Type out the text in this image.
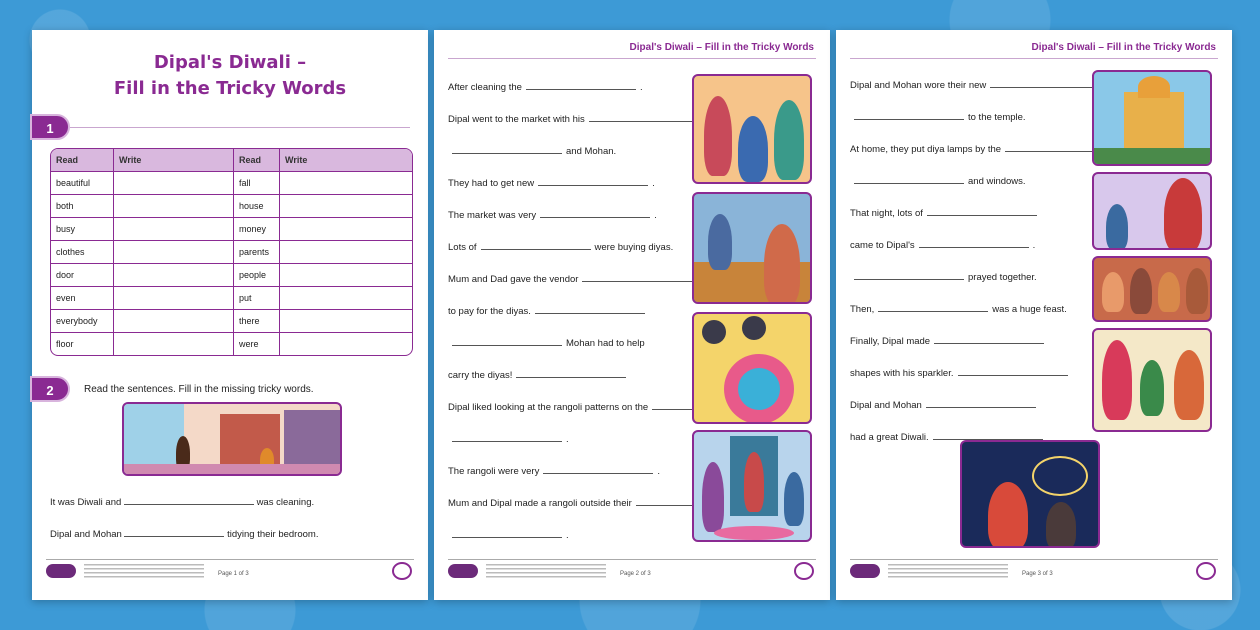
Dipal's Diwali –
Fill in the Tricky Words
1
Read	Write	Read	Write
beautiful		fall	
both		house	
busy		money	
clothes		parents	
door		people	
even		put	
everybody		there	
floor		were	
2	Read the sentences. Fill in the missing tricky words.
It was Diwali and	was cleaning.
Dipal and Mohan	tidying their bedroom.
Page 1 of 3
Dipal's Diwali – Fill in the Tricky Words
After cleaning the	.
Dipal went to the market with his
and Mohan.
They had to get new	.
The market was very	.
Lots of	were buying diyas.
Mum and Dad gave the vendor
to pay for the diyas.
Mohan had to help
carry the diyas!
Dipal liked looking at the rangoli patterns on the
.
The rangoli were very	.
Mum and Dipal made a rangoli outside their
.
Page 2 of 3
Dipal's Diwali – Fill in the Tricky Words
Dipal and Mohan wore their new
to the temple.
At home, they put diya lamps by the
and windows.
That night, lots of
came to Dipal's	.
prayed together.
Then,	was a huge feast.
Finally, Dipal made
shapes with his sparkler.
Dipal and Mohan
had a great Diwali.
Page 3 of 3
